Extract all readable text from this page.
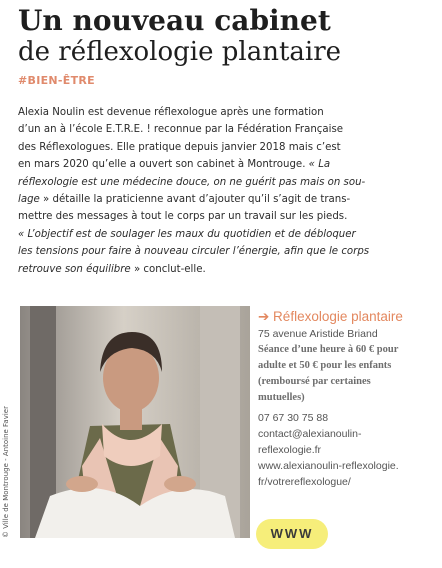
Un nouveau cabinet
de réflexologie plantaire
#BIEN-ÊTRE
Alexia Noulin est devenue réflexologue après une formation
d’un an à l’école E.T.R.E. ! reconnue par la Fédération Française
des Réflexologues. Elle pratique depuis janvier 2018 mais c’est
en mars 2020 qu’elle a ouvert son cabinet à Montrouge. « La
réflexologie est une médecine douce, on ne guérit pas mais on sou-
lage » détaille la praticienne avant d’ajouter qu’il s’agit de trans-
mettre des messages à tout le corps par un travail sur les pieds.
« L’objectif est de soulager les maux du quotidien et de débloquer
les tensions pour faire à nouveau circuler l’énergie, afin que le corps
retrouve son équilibre » conclut-elle.
© Ville de Montrouge - Antoine Favier
➔ Réflexologie plantaire
75 avenue Aristide Briand
Séance d’une heure à 60 € pour
adulte et 50 € pour les enfants
(remboursé par certaines
mutuelles)
07 67 30 75 88
contact@alexianoulin-
reflexologie.fr
www.alexianoulin-reflexologie.
fr/votrereflexologue/
WWW
